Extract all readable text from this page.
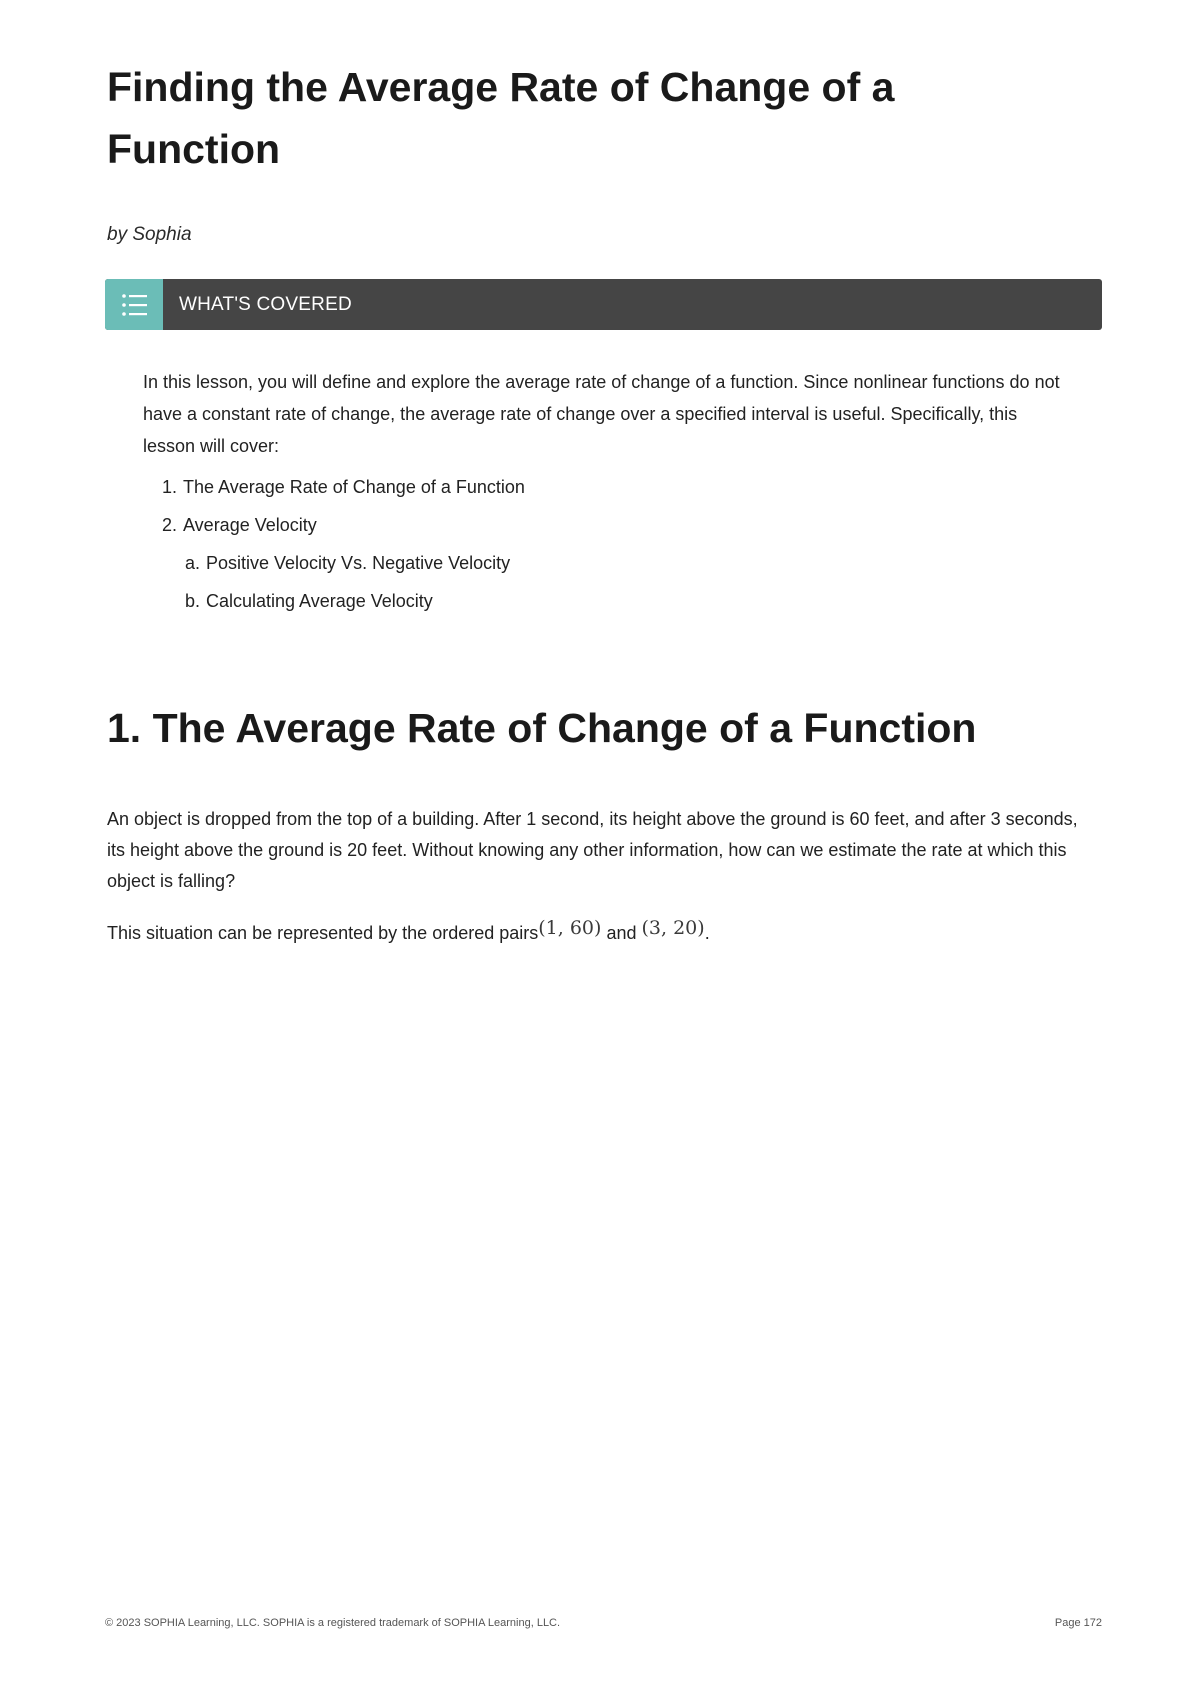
Finding the Average Rate of Change of a Function

by Sophia

WHAT'S COVERED

In this lesson, you will define and explore the average rate of change of a function. Since nonlinear functions do not have a constant rate of change, the average rate of change over a specified interval is useful. Specifically, this lesson will cover:

1. The Average Rate of Change of a Function
2. Average Velocity
a. Positive Velocity Vs. Negative Velocity
b. Calculating Average Velocity
1. The Average Rate of Change of a Function

An object is dropped from the top of a building. After 1 second, its height above the ground is 60 feet, and after 3 seconds, its height above the ground is 20 feet. Without knowing any other information, how can we estimate the rate at which this object is falling?

This situation can be represented by the ordered pairs(1, 60) and (3, 20).

© 2023 SOPHIA Learning, LLC. SOPHIA is a registered trademark of SOPHIA Learning, LLC.	Page 172
